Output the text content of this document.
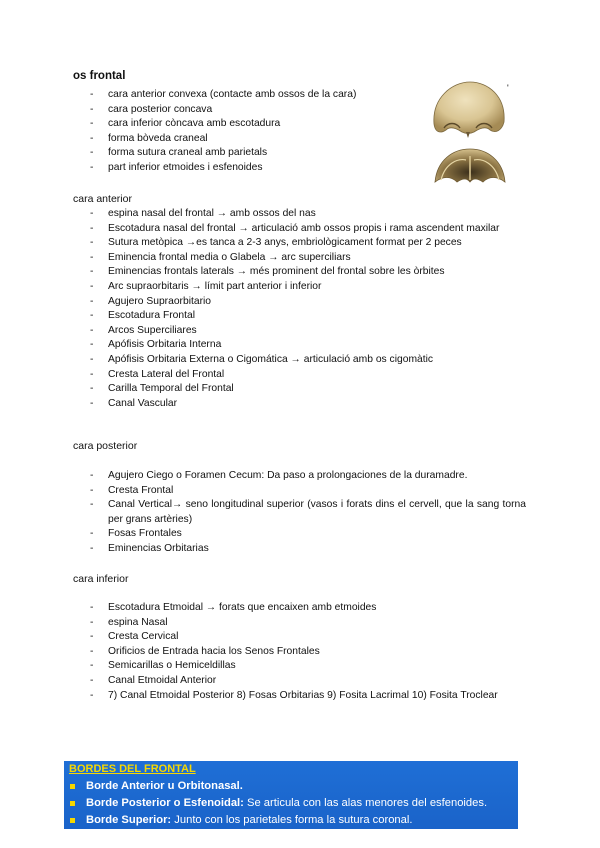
os frontal
- cara anterior convexa (contacte amb ossos de la cara)
- cara posterior concava
- cara inferior còncava amb escotadura
- forma bòveda craneal
- forma sutura craneal amb parietals
- part inferior etmoides i esfenoides
'
cara anterior
- espina nasal del frontal → amb ossos del nas
- Escotadura nasal del frontal → articulació amb ossos propis i rama ascendent maxilar
- Sutura metòpica →es tanca a 2-3 anys, embriològicament format per 2 peces
- Eminencia frontal media o Glabela → arc superciliars
- Eminencias frontals laterals → més prominent del frontal sobre les òrbites
- Arc supraorbitaris → límit part anterior i inferior
- Agujero Supraorbitario
- Escotadura Frontal
- Arcos Superciliares
- Apófisis Orbitaria Interna
- Apófisis Orbitaria Externa o Cigomática → articulació amb os cigomàtic
- Cresta Lateral del Frontal
- Carilla Temporal del Frontal
- Canal Vascular
cara posterior
- Agujero Ciego o Foramen Cecum: Da paso a prolongaciones de la duramadre.
- Cresta Frontal
- Canal Vertical→ seno longitudinal superior (vasos i forats dins el cervell, que la sang torna per grans artèries)
- Fosas Frontales
- Eminencias Orbitarias
cara inferior
- Escotadura Etmoidal → forats que encaixen amb etmoides
- espina Nasal
- Cresta Cervical
- Orificios de Entrada hacia los Senos Frontales
- Semicarillas o Hemiceldillas
- Canal Etmoidal Anterior
- 7) Canal Etmoidal Posterior 8) Fosas Orbitarias 9) Fosita Lacrimal 10) Fosita Troclear
BORDES DEL FRONTAL
Borde Anterior u Orbitonasal.
Borde Posterior o Esfenoidal: Se articula con las alas menores del esfenoides.
Borde Superior: Junto con los parietales forma la sutura coronal.
